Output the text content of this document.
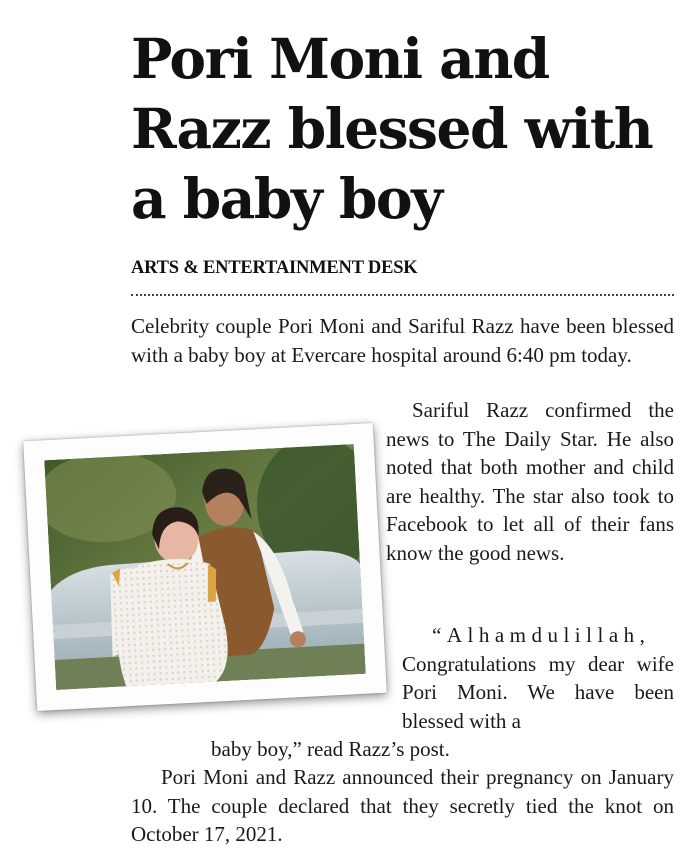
Pori Moni and Razz blessed with a baby boy
ARTS & ENTERTAINMENT DESK

Celebrity couple Pori Moni and Sariful Razz have been blessed with a baby boy at Evercare hospital around 6:40 pm today.

Sariful Razz confirmed the news to The Daily Star. He also noted that both mother and child are healthy. The star also took to Facebook to let all of their fans know the good news.

“Alhamdulillah, Congratulations my dear wife Pori Moni. We have been blessed with a

baby boy,” read Razz’s post.

Pori Moni and Razz announced their pregnancy on January 10. The couple declared that they secretly tied the knot on October 17, 2021.
